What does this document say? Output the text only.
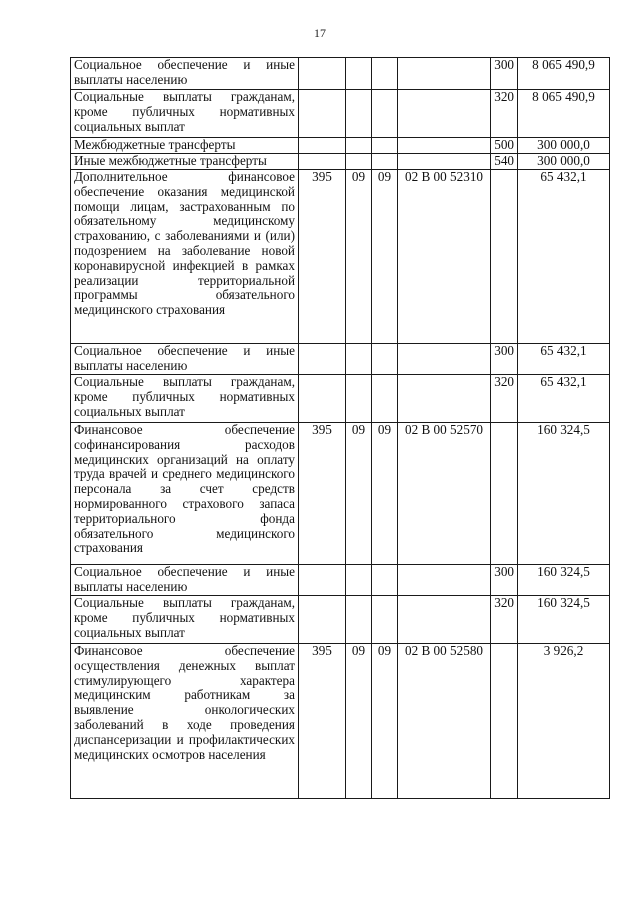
17
Социальное обеспечение и иные выплаты населению					300	8 065 490,9
Социальные выплаты гражданам, кроме публичных нормативных социальных выплат					320	8 065 490,9
Межбюджетные трансферты					500	300 000,0
Иные межбюджетные трансферты					540	300 000,0
Дополнительное финансовое обеспечение оказания медицинской помощи лицам, застрахованным по обязательному медицинскому страхованию, с заболеваниями и (или) подозрением на заболевание новой коронавирусной инфекцией в рамках реализации территориальной программы обязательного медицинского страхования	395	09	09	02 В 00 52310		65 432,1
Социальное обеспечение и иные выплаты населению					300	65 432,1
Социальные выплаты гражданам, кроме публичных нормативных социальных выплат					320	65 432,1
Финансовое обеспечение софинансирования расходов медицинских организаций на оплату труда врачей и среднего медицинского персонала за счет средств нормированного страхового запаса территориального фонда обязательного медицинского страхования	395	09	09	02 В 00 52570		160 324,5
Социальное обеспечение и иные выплаты населению					300	160 324,5
Социальные выплаты гражданам, кроме публичных нормативных социальных выплат					320	160 324,5
Финансовое обеспечение осуществления денежных выплат стимулирующего характера медицинским работникам за выявление онкологических заболеваний в ходе проведения диспансеризации и профилактических медицинских осмотров населения	395	09	09	02 В 00 52580		3 926,2
